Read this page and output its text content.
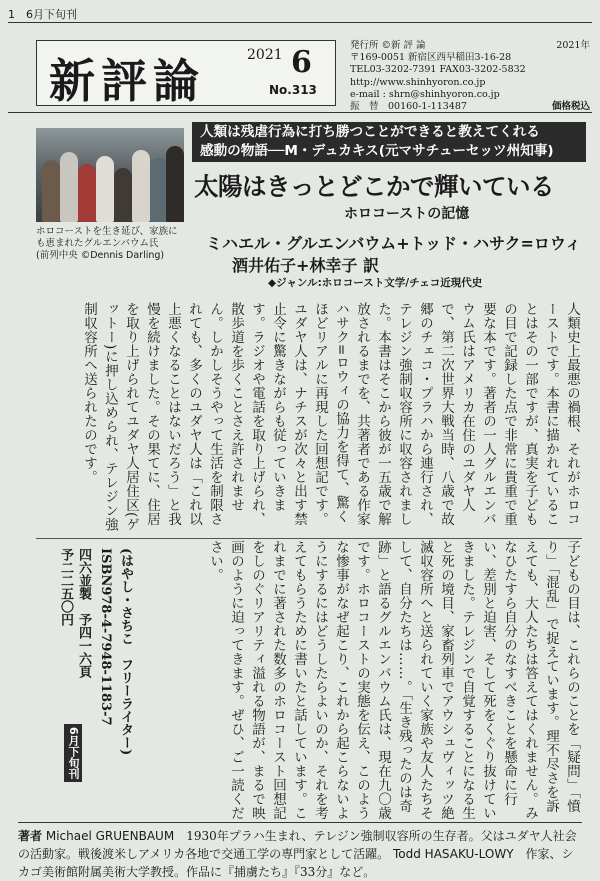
1　6月下旬刊
新評論	2021 6
No.313
発行所 ©新 評 論	2021年
〒169-0051 新宿区西早稲田3-16-28
TEL03-3202-7391 FAX03-3202-5832
http://www.shinhyoron.co.jp
e-mail : shrn@shinhyoron.co.jp
振　替　00160-1-113487	価格税込
ホロコーストを生き延び、家族に
も恵まれたグルエンバウム氏
(前列中央 ©Dennis Darling)
人類は残虐行為に打ち勝つことができると教えてくれる
感動の物語──M・デュカキス(元マサチューセッツ州知事)
太陽はきっとどこかで輝いている
ホロコーストの記憶
ミハエル・グルエンバウム+トッド・ハサク=ロウィ
酒井佑子+林幸子 訳
◆ジャンル:ホロコースト文学/チェコ近現代史
人類史上最悪の禍根、それがホロコーストです。本書に描かれていることはその一部ですが、真実を子どもの目で記録した点で非常に貴重で重要な本です。著者の一人グルエンバウム氏はアメリカ在住のユダヤ人で、第二次世界大戦当時、八歳で故郷のチェコ・プラハから連行され、テレジン強制収容所に収容されました。本書はそこから彼が一五歳で解放されるまでを、共著者である作家ハサク=ロウィの協力を得て、驚くほどリアルに再現した回想記です。ユダヤ人は、ナチスが次々と出す禁止令に驚きながらも従っていきます。ラジオや電話を取り上げられ、散歩道を歩くことさえ許されません。しかしそうやって生活を制限されても、多くのユダヤ人は「これ以上悪くなることはないだろう」と我慢を続けました。その果てに、住居を取り上げられてユダヤ人居住区(ゲットー)に押し込められ、テレジン強制収容所へ送られたのです。
子どもの目は、これらのことを「疑問」「憤り」「混乱」で捉えています。理不尽さを訴えても、大人たちは答えてはくれません。みなひたすら自分のなすべきことを懸命に行い、差別と迫害、そして死をくぐり抜けていきました。テレジンで自覚することになる生と死の境目、家畜列車でアウシュヴィッツ絶滅収容所へと送られていく家族や友人たちそして、自分たちは……。「生き残ったのは奇跡」と語るグルエンバウム氏は、現在九〇歳です。ホロコーストの実態を伝え、このような惨事がなぜ起こり、これから起こらないようにするにはどうしたらよいのか、それを考えてもらうために書いたと話しています。これまでに著された数多のホロコースト回想記をしのぐリアリティ溢れる物語が、まるで映画のように迫ってきます。ぜひ、ご一読ください。
(はやし・さちこ　フリーライター)
ISBN978-4-7948-1183-7
四六並製　予四一六頁
6月下旬刊
予二二五〇円
著者 Michael GRUENBAUM　1930年プラハ生まれ、テレジン強制収容所の生存者。父はユダヤ人社会の活動家。戦後渡米しアメリカ各地で交通工学の専門家として活躍。 Todd HASAKU-LOWY　作家、シカゴ美術館附属美術大学教授。作品に『捕虜たち』『33分』など。
